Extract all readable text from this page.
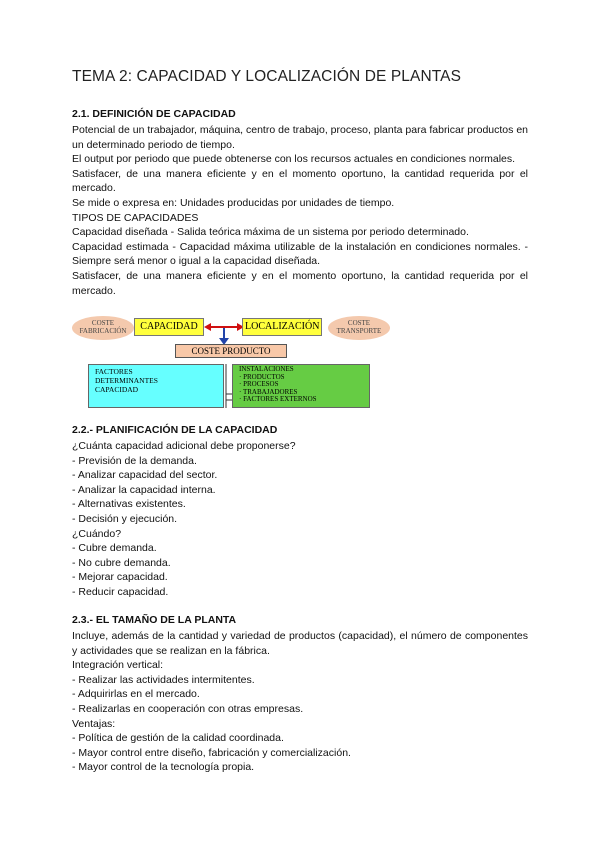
TEMA 2: CAPACIDAD Y LOCALIZACIÓN DE PLANTAS

2.1. DEFINICIÓN DE CAPACIDAD

Potencial de un trabajador, máquina, centro de trabajo, proceso, planta para fabricar productos en un determinado periodo de tiempo.

El output por periodo que puede obtenerse con los recursos actuales en condiciones normales.

Satisfacer, de una manera eficiente y en el momento oportuno, la cantidad requerida por el mercado.

Se mide o expresa en: Unidades producidas por unidades de tiempo.

TIPOS DE CAPACIDADES

Capacidad diseñada - Salida teórica máxima de un sistema por periodo determinado.

Capacidad estimada - Capacidad máxima utilizable de la instalación en condiciones normales. - Siempre será menor o igual a la capacidad diseñada.

Satisfacer, de una manera eficiente y en el momento oportuno, la cantidad requerida por el mercado.

COSTE
FABRICACIÓN	CAPACIDAD	LOCALIZACIÓN	COSTE
TRANSPORTE
COSTE PRODUCTO
FACTORES
DETERMINANTES
CAPACIDAD
INSTALACIONES
· PRODUCTOS
· PROCESOS
· TRABAJADORES
· FACTORES EXTERNOS

2.2.- PLANIFICACIÓN DE LA CAPACIDAD

¿Cuánta capacidad adicional debe proponerse?

- Previsión de la demanda.

- Analizar capacidad del sector.

- Analizar la capacidad interna.

- Alternativas existentes.

- Decisión y ejecución.

¿Cuándo?

- Cubre demanda.

- No cubre demanda.

- Mejorar capacidad.

- Reducir capacidad.

2.3.- EL TAMAÑO DE LA PLANTA

Incluye, además de la cantidad y variedad de productos (capacidad), el número de componentes y actividades que se realizan en la fábrica.

Integración vertical:

- Realizar las actividades intermitentes.

- Adquirirlas en el mercado.

- Realizarlas en cooperación con otras empresas.

Ventajas:

- Política de gestión de la calidad coordinada.

- Mayor control entre diseño, fabricación y comercialización.

- Mayor control de la tecnología propia.
